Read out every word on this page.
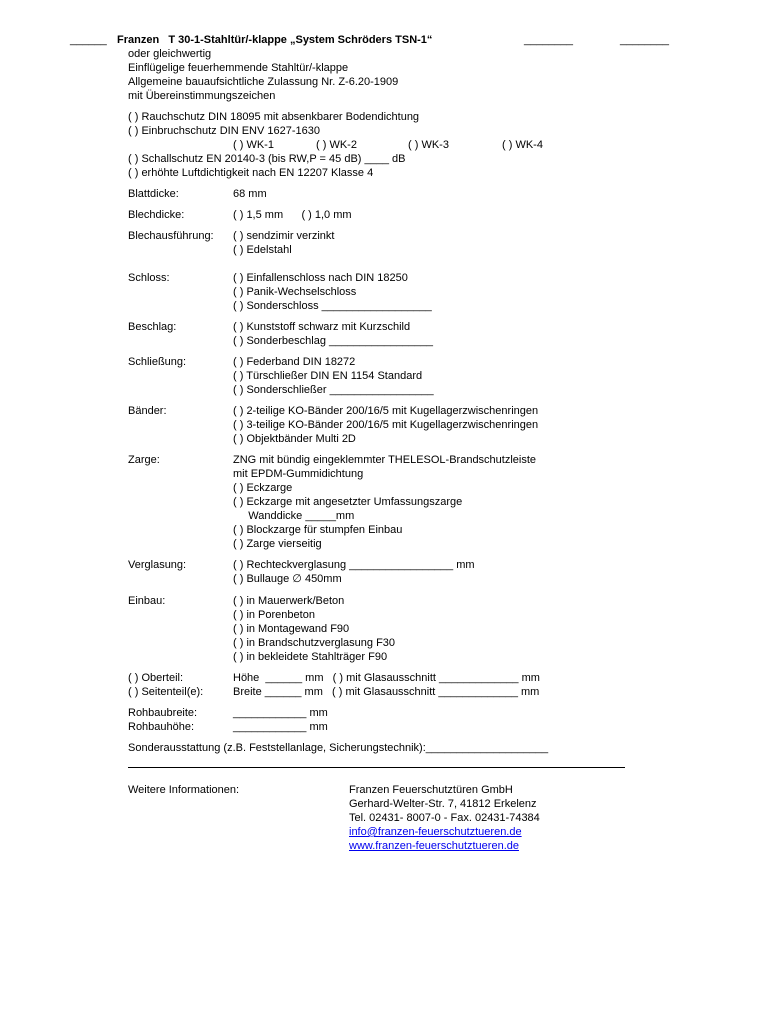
______ Franzen   T 30-1-Stahltür/-klappe „System Schröders TSN-1“	________	________
oder gleichwertig
Einflügelige feuerhemmende Stahltür/-klappe
Allgemeine bauaufsichtliche Zulassung Nr. Z-6.20-1909
mit Übereinstimmungszeichen
( ) Rauchschutz DIN 18095 mit absenkbarer Bodendichtung
( ) Einbruchschutz DIN ENV 1627-1630
( ) WK-1	( ) WK-2	( ) WK-3	( ) WK-4
( ) Schallschutz EN 20140-3 (bis RW,P = 45 dB) ____ dB
( ) erhöhte Luftdichtigkeit nach EN 12207 Klasse 4
Blattdicke:	68 mm
Blechdicke:	( ) 1,5 mm      ( ) 1,0 mm
Blechausführung: ( ) sendzimir verzinkt
( ) Edelstahl
Schloss:	( ) Einfallenschloss nach DIN 18250
( ) Panik-Wechselschloss
( ) Sonderschloss __________________
Beschlag:	( ) Kunststoff schwarz mit Kurzschild
( ) Sonderbeschlag _________________
Schließung:	( ) Federband DIN 18272
( ) Türschließer DIN EN 1154 Standard
( ) Sonderschließer _________________
Bänder:	( ) 2-teilige KO-Bänder 200/16/5 mit Kugellagerzwischenringen
( ) 3-teilige KO-Bänder 200/16/5 mit Kugellagerzwischenringen
( ) Objektbänder Multi 2D
Zarge:	ZNG mit bündig eingeklemmter THELESOL-Brandschutzleiste
mit EPDM-Gummidichtung
( ) Eckzarge
( ) Eckzarge mit angesetzter Umfassungszarge
Wanddicke _____mm
( ) Blockzarge für stumpfen Einbau
( ) Zarge vierseitig
Verglasung:	( ) Rechteckverglasung _________________ mm
( ) Bullauge ∅ 450mm
Einbau:	( ) in Mauerwerk/Beton
( ) in Porenbeton
( ) in Montagewand F90
( ) in Brandschutzverglasung F30
( ) in bekleidete Stahlträger F90
( ) Oberteil:	Höhe  ______ mm   ( ) mit Glasausschnitt _____________ mm
( ) Seitenteil(e):	Breite ______ mm   ( ) mit Glasausschnitt _____________ mm
Rohbaubreite:	____________ mm
Rohbauhöhe:	____________ mm
Sonderausstattung (z.B. Feststellanlage, Sicherungstechnik):____________________
Weitere Informationen:	Franzen Feuerschutztüren GmbH
Gerhard-Welter-Str. 7, 41812 Erkelenz
Tel. 02431- 8007-0 - Fax. 02431-74384
info@franzen-feuerschutztueren.de
www.franzen-feuerschutztueren.de
